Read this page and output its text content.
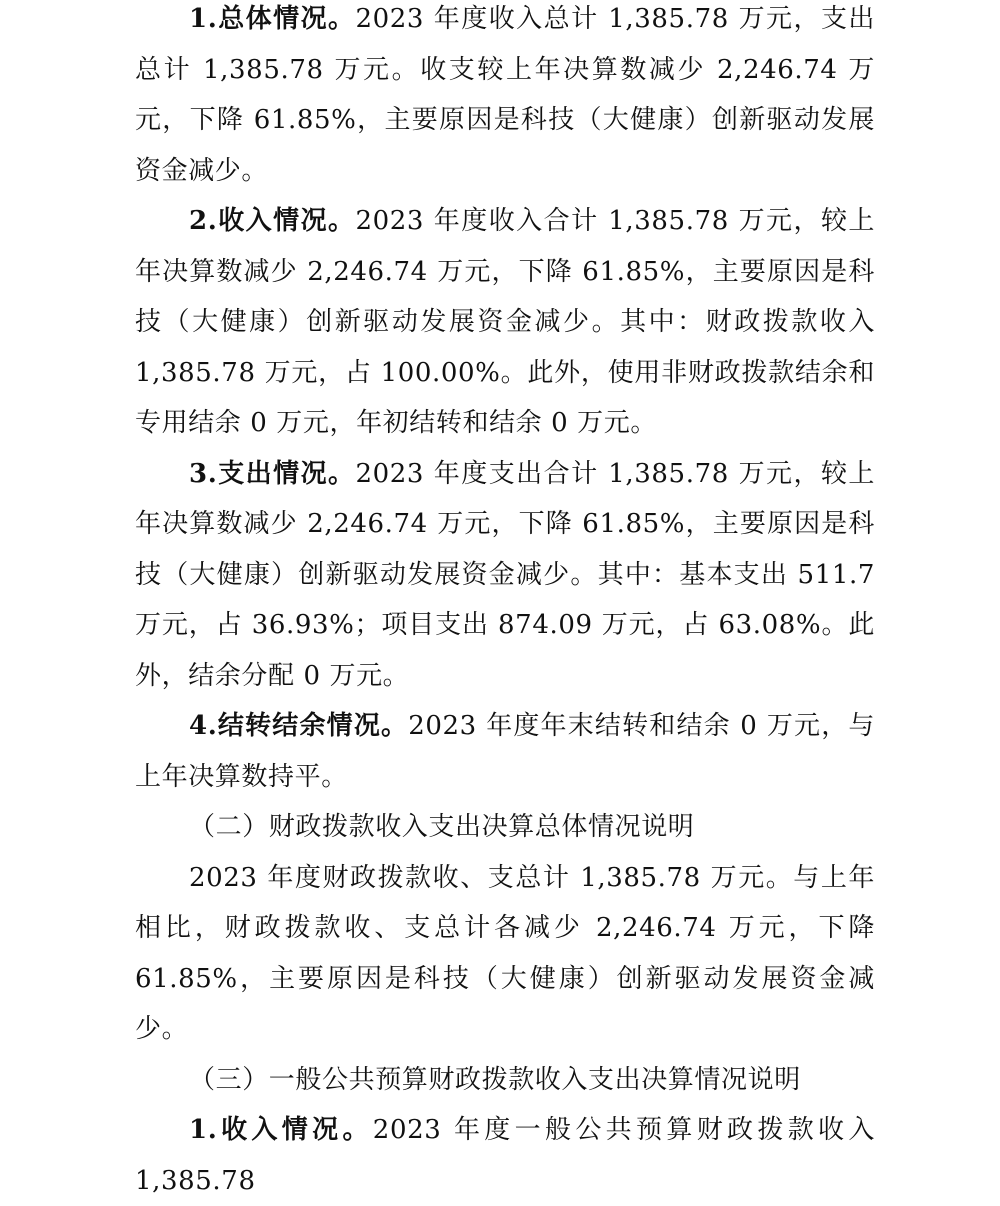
1.总体情况。2023 年度收入总计 1,385.78 万元，支出总计 1,385.78 万元。收支较上年决算数减少 2,246.74 万元，下降 61.85%，主要原因是科技（大健康）创新驱动发展资金减少。

2.收入情况。2023 年度收入合计 1,385.78 万元，较上年决算数减少 2,246.74 万元，下降 61.85%，主要原因是科技（大健康）创新驱动发展资金减少。其中：财政拨款收入 1,385.78 万元，占 100.00%。此外，使用非财政拨款结余和专用结余 0 万元，年初结转和结余 0 万元。

3.支出情况。2023 年度支出合计 1,385.78 万元，较上年决算数减少 2,246.74 万元，下降 61.85%，主要原因是科技（大健康）创新驱动发展资金减少。其中：基本支出 511.7 万元，占 36.93%；项目支出 874.09 万元，占 63.08%。此外，结余分配 0 万元。

4.结转结余情况。2023 年度年末结转和结余 0 万元，与上年决算数持平。

（二）财政拨款收入支出决算总体情况说明

2023 年度财政拨款收、支总计 1,385.78 万元。与上年相比，财政拨款收、支总计各减少 2,246.74 万元，下降 61.85%，主要原因是科技（大健康）创新驱动发展资金减少。

（三）一般公共预算财政拨款收入支出决算情况说明

1.收入情况。2023 年度一般公共预算财政拨款收入 1,385.78
